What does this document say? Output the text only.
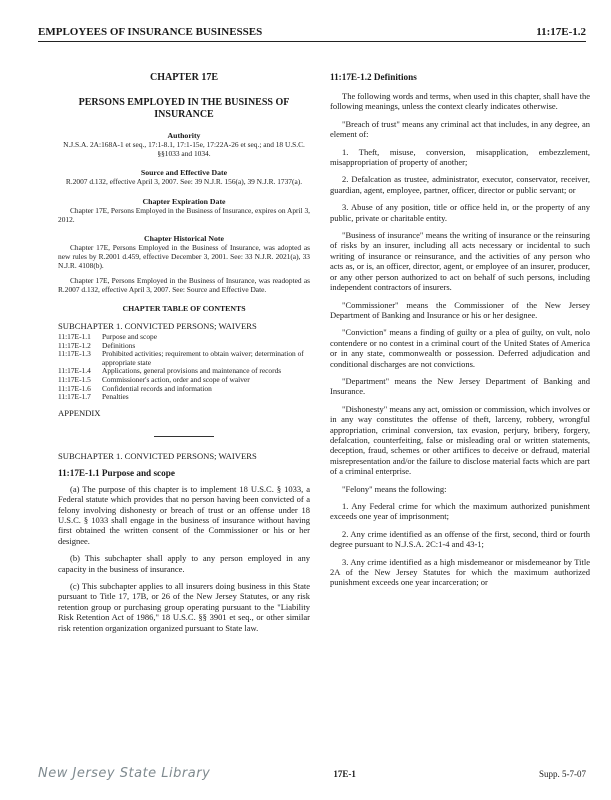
EMPLOYEES OF INSURANCE BUSINESSES	11:17E-1.2
CHAPTER 17E
PERSONS EMPLOYED IN THE BUSINESS OF INSURANCE
Authority

N.J.S.A. 2A:168A-1 et seq., 17:1-8.1, 17:1-15e, 17:22A-26 et seq.; and 18 U.S.C. §§1033 and 1034.

Source and Effective Date

R.2007 d.132, effective April 3, 2007. See: 39 N.J.R. 156(a), 39 N.J.R. 1737(a).

Chapter Expiration Date

Chapter 17E, Persons Employed in the Business of Insurance, expires on April 3, 2012.

Chapter Historical Note

Chapter 17E, Persons Employed in the Business of Insurance, was adopted as new rules by R.2001 d.459, effective December 3, 2001. See: 33 N.J.R. 2021(a), 33 N.J.R. 4108(b).

Chapter 17E, Persons Employed in the Business of Insurance, was readopted as R.2007 d.132, effective April 3, 2007. See: Source and Effective Date.

CHAPTER TABLE OF CONTENTS
SUBCHAPTER 1. CONVICTED PERSONS; WAIVERS
11:17E-1.1	Purpose and scope
11:17E-1.2	Definitions
11:17E-1.3	Prohibited activities; requirement to obtain waiver; determination of appropriate state
11:17E-1.4	Applications, general provisions and maintenance of records
11:17E-1.5	Commissioner's action, order and scope of waiver
11:17E-1.6	Confidential records and information
11:17E-1.7	Penalties
APPENDIX
SUBCHAPTER 1. CONVICTED PERSONS; WAIVERS
11:17E-1.1 Purpose and scope

(a) The purpose of this chapter is to implement 18 U.S.C. § 1033, a Federal statute which provides that no person having been convicted of a felony involving dishonesty or breach of trust or an offense under 18 U.S.C. § 1033 shall engage in the business of insurance without having first obtained the written consent of the Commissioner or his or her designee.

(b) This subchapter shall apply to any person employed in any capacity in the business of insurance.

(c) This subchapter applies to all insurers doing business in this State pursuant to Title 17, 17B, or 26 of the New Jersey Statutes, or any risk retention group or purchasing group operating pursuant to the "Liability Risk Retention Act of 1986," 18 U.S.C. §§ 3901 et seq., or other similar risk retention organization organized pursuant to State law.

11:17E-1.2 Definitions

The following words and terms, when used in this chapter, shall have the following meanings, unless the context clearly indicates otherwise.

"Breach of trust" means any criminal act that includes, in any degree, an element of:

1. Theft, misuse, conversion, misapplication, embezzlement, misappropriation of property of another;

2. Defalcation as trustee, administrator, executor, conservator, receiver, guardian, agent, employee, partner, officer, director or public servant; or

3. Abuse of any position, title or office held in, or the property of any public, private or charitable entity.

"Business of insurance" means the writing of insurance or the reinsuring of risks by an insurer, including all acts necessary or incidental to such writing of insurance or reinsurance, and the activities of any person who acts as, or is, an officer, director, agent, or employee of an insurer, producer, or any other person authorized to act on behalf of such persons, including independent contractors of insurers.

"Commissioner" means the Commissioner of the New Jersey Department of Banking and Insurance or his or her designee.

"Conviction" means a finding of guilty or a plea of guilty, on vult, nolo contendere or no contest in a criminal court of the United States of America or in any state, commonwealth or possession. Deferred adjudication and conditional discharges are not convictions.

"Department" means the New Jersey Department of Banking and Insurance.

"Dishonesty" means any act, omission or commission, which involves or in any way constitutes the offense of theft, larceny, robbery, wrongful appropriation, criminal conversion, tax evasion, perjury, bribery, forgery, defalcation, counterfeiting, false or misleading oral or written statements, deception, fraud, schemes or other artifices to deceive or defraud, material misrepresentation and/or the failure to disclose material facts which are part of a criminal enterprise.

"Felony" means the following:

1. Any Federal crime for which the maximum authorized punishment exceeds one year of imprisonment;

2. Any crime identified as an offense of the first, second, third or fourth degree pursuant to N.J.S.A. 2C:1-4 and 43-1;

3. Any crime identified as a high misdemeanor or misdemeanor by Title 2A of the New Jersey Statutes for which the maximum authorized punishment exceeds one year incarceration; or

New Jersey State Library	17E-1	Supp. 5-7-07
